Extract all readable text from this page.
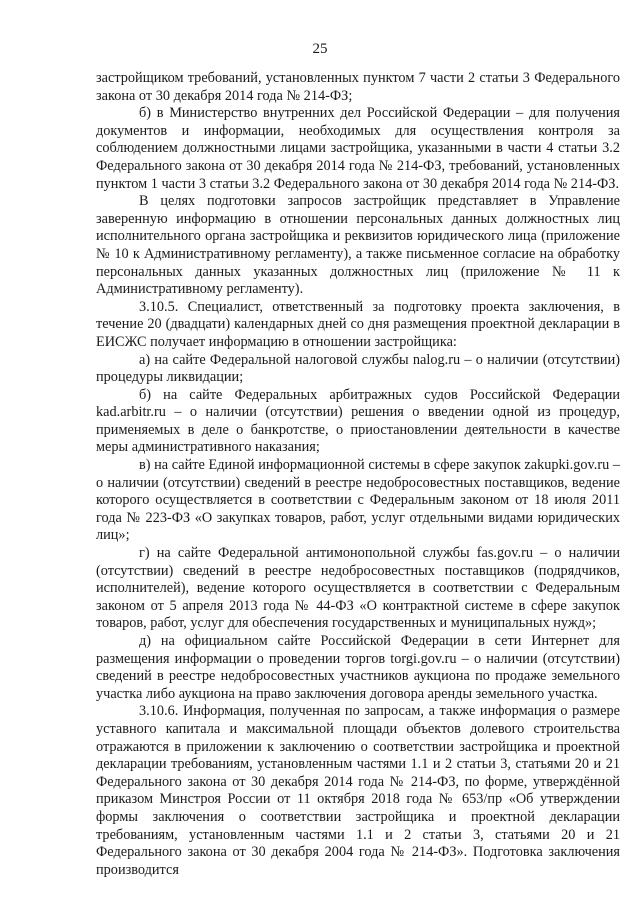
25

застройщиком требований, установленных пунктом 7 части 2 статьи 3 Федерального закона от 30 декабря 2014 года № 214-ФЗ;

б) в Министерство внутренних дел Российской Федерации – для получения документов и информации, необходимых для осуществления контроля за соблюдением должностными лицами застройщика, указанными в части 4 статьи 3.2 Федерального закона от 30 декабря 2014 года № 214-ФЗ, требований, установленных пунктом 1 части 3 статьи 3.2 Федерального закона от 30 декабря 2014 года № 214-ФЗ.

В целях подготовки запросов застройщик представляет в Управление заверенную информацию в отношении персональных данных должностных лиц исполнительного органа застройщика и реквизитов юридического лица (приложение № 10 к Административному регламенту), а также письменное согласие на обработку персональных данных указанных должностных лиц (приложение № 11 к Административному регламенту).

3.10.5. Специалист, ответственный за подготовку проекта заключения, в течение 20 (двадцати) календарных дней со дня размещения проектной декларации в ЕИСЖС получает информацию в отношении застройщика:

а) на сайте Федеральной налоговой службы nalog.ru – о наличии (отсутствии) процедуры ликвидации;

б) на сайте Федеральных арбитражных судов Российской Федерации kad.arbitr.ru – о наличии (отсутствии) решения о введении одной из процедур, применяемых в деле о банкротстве, о приостановлении деятельности в качестве меры административного наказания;

в) на сайте Единой информационной системы в сфере закупок zakupki.gov.ru – о наличии (отсутствии) сведений в реестре недобросовестных поставщиков, ведение которого осуществляется в соответствии с Федеральным законом от 18 июля 2011 года № 223-ФЗ «О закупках товаров, работ, услуг отдельными видами юридических лиц»;

г) на сайте Федеральной антимонопольной службы fas.gov.ru – о наличии (отсутствии) сведений в реестре недобросовестных поставщиков (подрядчиков, исполнителей), ведение которого осуществляется в соответствии с Федеральным законом от 5 апреля 2013 года № 44-ФЗ «О контрактной системе в сфере закупок товаров, работ, услуг для обеспечения государственных и муниципальных нужд»;

д) на официальном сайте Российской Федерации в сети Интернет для размещения информации о проведении торгов torgi.gov.ru – о наличии (отсутствии) сведений в реестре недобросовестных участников аукциона по продаже земельного участка либо аукциона на право заключения договора аренды земельного участка.

3.10.6. Информация, полученная по запросам, а также информация о размере уставного капитала и максимальной площади объектов долевого строительства отражаются в приложении к заключению о соответствии застройщика и проектной декларации требованиям, установленным частями 1.1 и 2 статьи 3, статьями 20 и 21 Федерального закона от 30 декабря 2014 года № 214-ФЗ, по форме, утверждённой приказом Минстроя России от 11 октября 2018 года № 653/пр «Об утверждении формы заключения о соответствии застройщика и проектной декларации требованиям, установленным частями 1.1 и 2 статьи 3, статьями 20 и 21 Федерального закона от 30 декабря 2004 года № 214-ФЗ». Подготовка заключения производится
